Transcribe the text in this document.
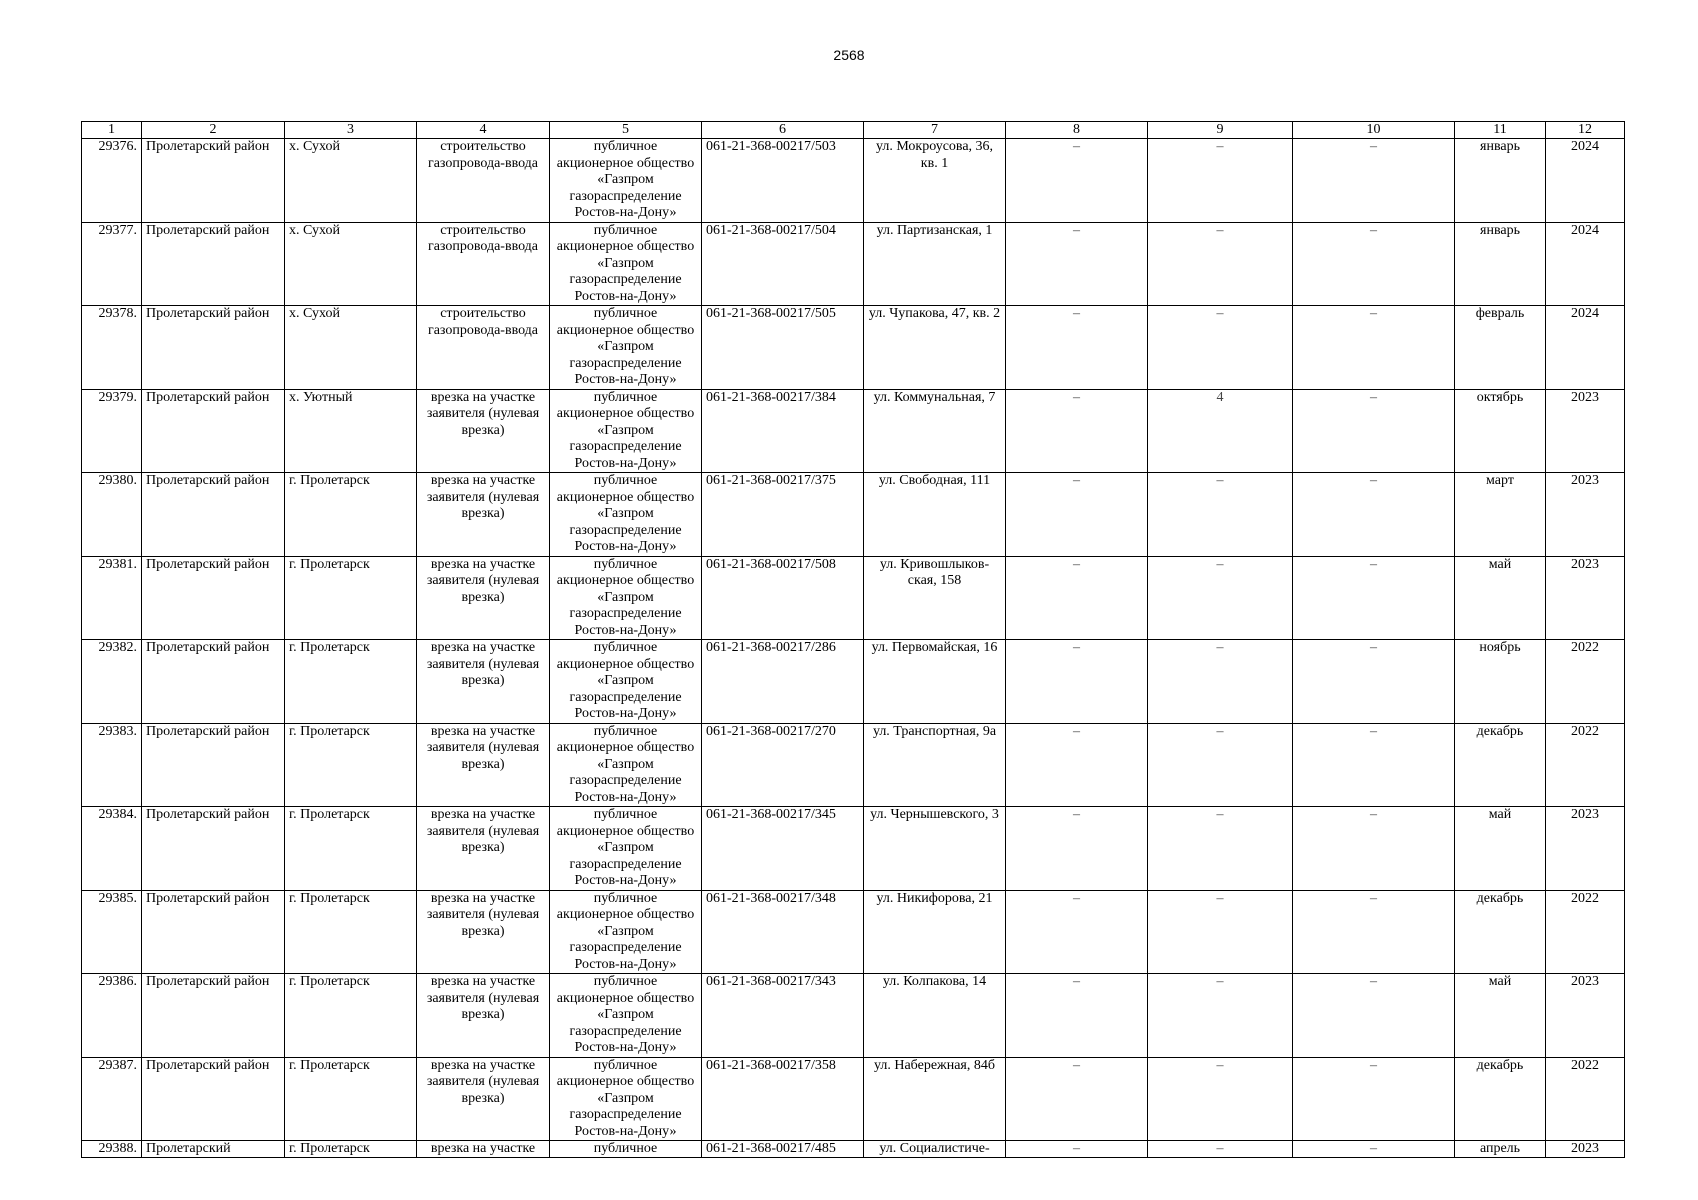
2568
1	2	3	4	5	6	7	8	9	10	11	12
29376.	Пролетарский район	х. Сухой	строительство газопровода-ввода	публичное акционерное общество «Газпром газораспределение Ростов-на-Дону»	061-21-368-00217/503	ул. Мокроусова, 36, кв. 1	–	–	–	январь	2024
29377.	Пролетарский район	х. Сухой	строительство газопровода-ввода	публичное акционерное общество «Газпром газораспределение Ростов-на-Дону»	061-21-368-00217/504	ул. Партизанская, 1	–	–	–	январь	2024
29378.	Пролетарский район	х. Сухой	строительство газопровода-ввода	публичное акционерное общество «Газпром газораспределение Ростов-на-Дону»	061-21-368-00217/505	ул. Чупакова, 47, кв. 2	–	–	–	февраль	2024
29379.	Пролетарский район	х. Уютный	врезка на участке заявителя (нулевая врезка)	публичное акционерное общество «Газпром газораспределение Ростов-на-Дону»	061-21-368-00217/384	ул. Коммунальная, 7	–	4	–	октябрь	2023
29380.	Пролетарский район	г. Пролетарск	врезка на участке заявителя (нулевая врезка)	публичное акционерное общество «Газпром газораспределение Ростов-на-Дону»	061-21-368-00217/375	ул. Свободная, 111	–	–	–	март	2023
29381.	Пролетарский район	г. Пролетарск	врезка на участке заявителя (нулевая врезка)	публичное акционерное общество «Газпром газораспределение Ростов-на-Дону»	061-21-368-00217/508	ул. Кривошлыков-ская, 158	–	–	–	май	2023
29382.	Пролетарский район	г. Пролетарск	врезка на участке заявителя (нулевая врезка)	публичное акционерное общество «Газпром газораспределение Ростов-на-Дону»	061-21-368-00217/286	ул. Первомайская, 16	–	–	–	ноябрь	2022
29383.	Пролетарский район	г. Пролетарск	врезка на участке заявителя (нулевая врезка)	публичное акционерное общество «Газпром газораспределение Ростов-на-Дону»	061-21-368-00217/270	ул. Транспортная, 9а	–	–	–	декабрь	2022
29384.	Пролетарский район	г. Пролетарск	врезка на участке заявителя (нулевая врезка)	публичное акционерное общество «Газпром газораспределение Ростов-на-Дону»	061-21-368-00217/345	ул. Чернышевского, 3	–	–	–	май	2023
29385.	Пролетарский район	г. Пролетарск	врезка на участке заявителя (нулевая врезка)	публичное акционерное общество «Газпром газораспределение Ростов-на-Дону»	061-21-368-00217/348	ул. Никифорова, 21	–	–	–	декабрь	2022
29386.	Пролетарский район	г. Пролетарск	врезка на участке заявителя (нулевая врезка)	публичное акционерное общество «Газпром газораспределение Ростов-на-Дону»	061-21-368-00217/343	ул. Колпакова, 14	–	–	–	май	2023
29387.	Пролетарский район	г. Пролетарск	врезка на участке заявителя (нулевая врезка)	публичное акционерное общество «Газпром газораспределение Ростов-на-Дону»	061-21-368-00217/358	ул. Набережная, 84б	–	–	–	декабрь	2022
29388.	Пролетарский	г. Пролетарск	врезка на участке	публичное	061-21-368-00217/485	ул. Социалистиче-	–	–	–	апрель	2023
